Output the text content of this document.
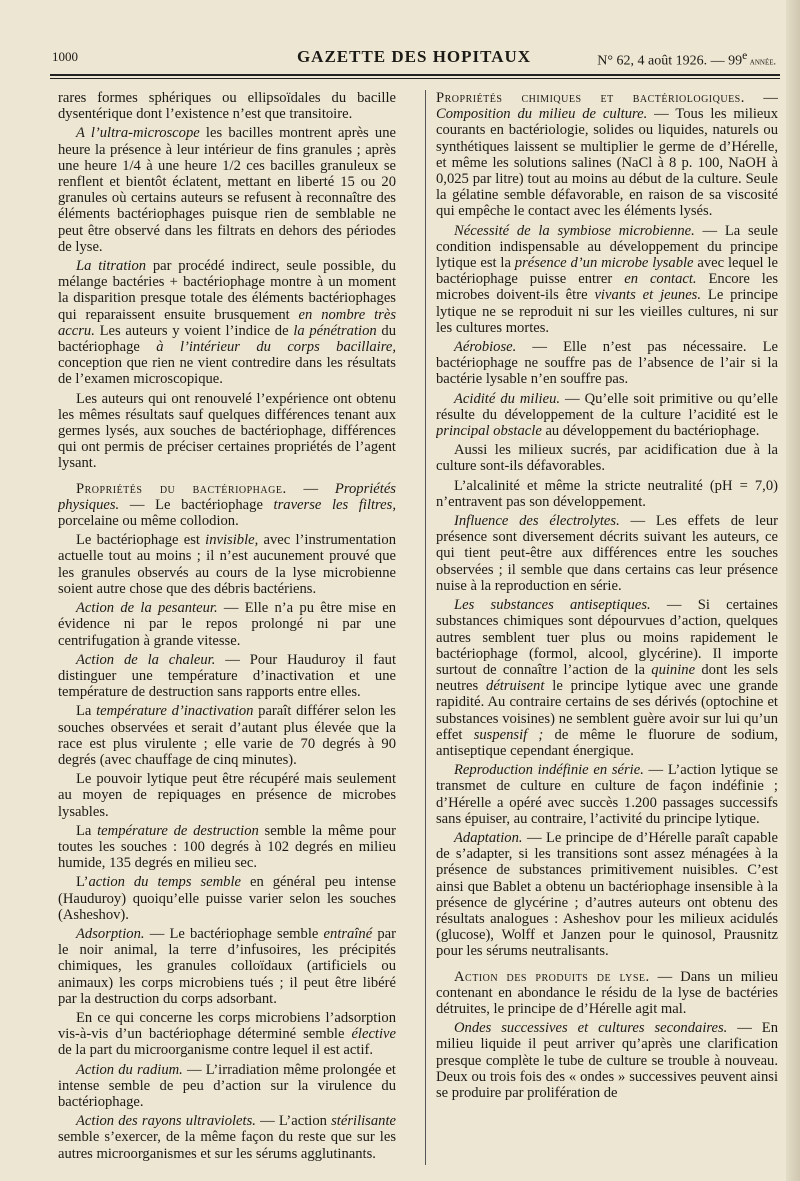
1000	GAZETTE DES HOPITAUX	N° 62, 4 août 1926. — 99e année.

rares formes sphériques ou ellipsoïdales du bacille dysentérique dont l’existence n’est que transitoire.

A l’ultra-microscope les bacilles montrent après une heure la présence à leur intérieur de fins granules ; après une heure 1/4 à une heure 1/2 ces bacilles granuleux se renflent et bientôt éclatent, mettant en liberté 15 ou 20 granules où certains auteurs se refusent à reconnaître des éléments bactériophages puisque rien de semblable ne peut être observé dans les filtrats en dehors des périodes de lyse.

La titration par procédé indirect, seule possible, du mélange bactéries + bactériophage montre à un moment la disparition presque totale des éléments bactériophages qui reparaissent ensuite brusquement en nombre très accru. Les auteurs y voient l’indice de la pénétration du bactériophage à l’intérieur du corps bacillaire, conception que rien ne vient contredire dans les résultats de l’examen microscopique.

Les auteurs qui ont renouvelé l’expérience ont obtenu les mêmes résultats sauf quelques différences tenant aux germes lysés, aux souches de bactériophage, différences qui ont permis de préciser certaines propriétés de l’agent lysant.

Propriétés du bactériophage. — Propriétés physiques. — Le bactériophage traverse les filtres, porcelaine ou même collodion.

Le bactériophage est invisible, avec l’instrumentation actuelle tout au moins ; il n’est aucunement prouvé que les granules observés au cours de la lyse microbienne soient autre chose que des débris bactériens.

Action de la pesanteur. — Elle n’a pu être mise en évidence ni par le repos prolongé ni par une centrifugation à grande vitesse.

Action de la chaleur. — Pour Hauduroy il faut distinguer une température d’inactivation et une température de destruction sans rapports entre elles.

La température d’inactivation paraît différer selon les souches observées et serait d’autant plus élevée que la race est plus virulente ; elle varie de 70 degrés à 90 degrés (avec chauffage de cinq minutes).

Le pouvoir lytique peut être récupéré mais seulement au moyen de repiquages en présence de microbes lysables.

La température de destruction semble la même pour toutes les souches : 100 degrés à 102 degrés en milieu humide, 135 degrés en milieu sec.

L’action du temps semble en général peu intense (Hauduroy) quoiqu’elle puisse varier selon les souches (Asheshov).

Adsorption. — Le bactériophage semble entraîné par le noir animal, la terre d’infusoires, les précipités chimiques, les granules colloïdaux (artificiels ou animaux) les corps microbiens tués ; il peut être libéré par la destruction du corps adsorbant.

En ce qui concerne les corps microbiens l’adsorption vis-à-vis d’un bactériophage déterminé semble élective de la part du microorganisme contre lequel il est actif.

Action du radium. — L’irradiation même prolongée et intense semble de peu d’action sur la virulence du bactériophage.

Action des rayons ultraviolets. — L’action stérilisante semble s’exercer, de la même façon du reste que sur les autres microorganismes et sur les sérums agglutinants.

Propriétés chimiques et bactériologiques. — Composition du milieu de culture. — Tous les milieux courants en bactériologie, solides ou liquides, naturels ou synthétiques laissent se multiplier le germe de d’Hérelle, et même les solutions salines (NaCl à 8 p. 100, NaOH à 0,025 par litre) tout au moins au début de la culture. Seule la gélatine semble défavorable, en raison de sa viscosité qui empêche le contact avec les éléments lysés.

Nécessité de la symbiose microbienne. — La seule condition indispensable au développement du principe lytique est la présence d’un microbe lysable avec lequel le bactériophage puisse entrer en contact. Encore les microbes doivent-ils être vivants et jeunes. Le principe lytique ne se reproduit ni sur les vieilles cultures, ni sur les cultures mortes.

Aérobiose. — Elle n’est pas nécessaire. Le bactériophage ne souffre pas de l’absence de l’air si la bactérie lysable n’en souffre pas.

Acidité du milieu. — Qu’elle soit primitive ou qu’elle résulte du développement de la culture l’acidité est le principal obstacle au développement du bactériophage.

Aussi les milieux sucrés, par acidification due à la culture sont-ils défavorables.

L’alcalinité et même la stricte neutralité (pH = 7,0) n’entravent pas son développement.

Influence des électrolytes. — Les effets de leur présence sont diversement décrits suivant les auteurs, ce qui tient peut-être aux différences entre les souches observées ; il semble que dans certains cas leur présence nuise à la reproduction en série.

Les substances antiseptiques. — Si certaines substances chimiques sont dépourvues d’action, quelques autres semblent tuer plus ou moins rapidement le bactériophage (formol, alcool, glycérine). Il importe surtout de connaître l’action de la quinine dont les sels neutres détruisent le principe lytique avec une grande rapidité. Au contraire certains de ses dérivés (optochine et substances voisines) ne semblent guère avoir sur lui qu’un effet suspensif ; de même le fluorure de sodium, antiseptique cependant énergique.

Reproduction indéfinie en série. — L’action lytique se transmet de culture en culture de façon indéfinie ; d’Hérelle a opéré avec succès 1.200 passages successifs sans épuiser, au contraire, l’activité du principe lytique.

Adaptation. — Le principe de d’Hérelle paraît capable de s’adapter, si les transitions sont assez ménagées à la présence de substances primitivement nuisibles. C’est ainsi que Bablet a obtenu un bactériophage insensible à la présence de glycérine ; d’autres auteurs ont obtenu des résultats analogues : Asheshov pour les milieux acidulés (glucose), Wolff et Janzen pour le quinosol, Prausnitz pour les sérums neutralisants.

Action des produits de lyse. — Dans un milieu contenant en abondance le résidu de la lyse de bactéries détruites, le principe de d’Hérelle agit mal.

Ondes successives et cultures secondaires. — En milieu liquide il peut arriver qu’après une clarification presque complète le tube de culture se trouble à nouveau. Deux ou trois fois des « ondes » successives peuvent ainsi se produire par prolifération de
